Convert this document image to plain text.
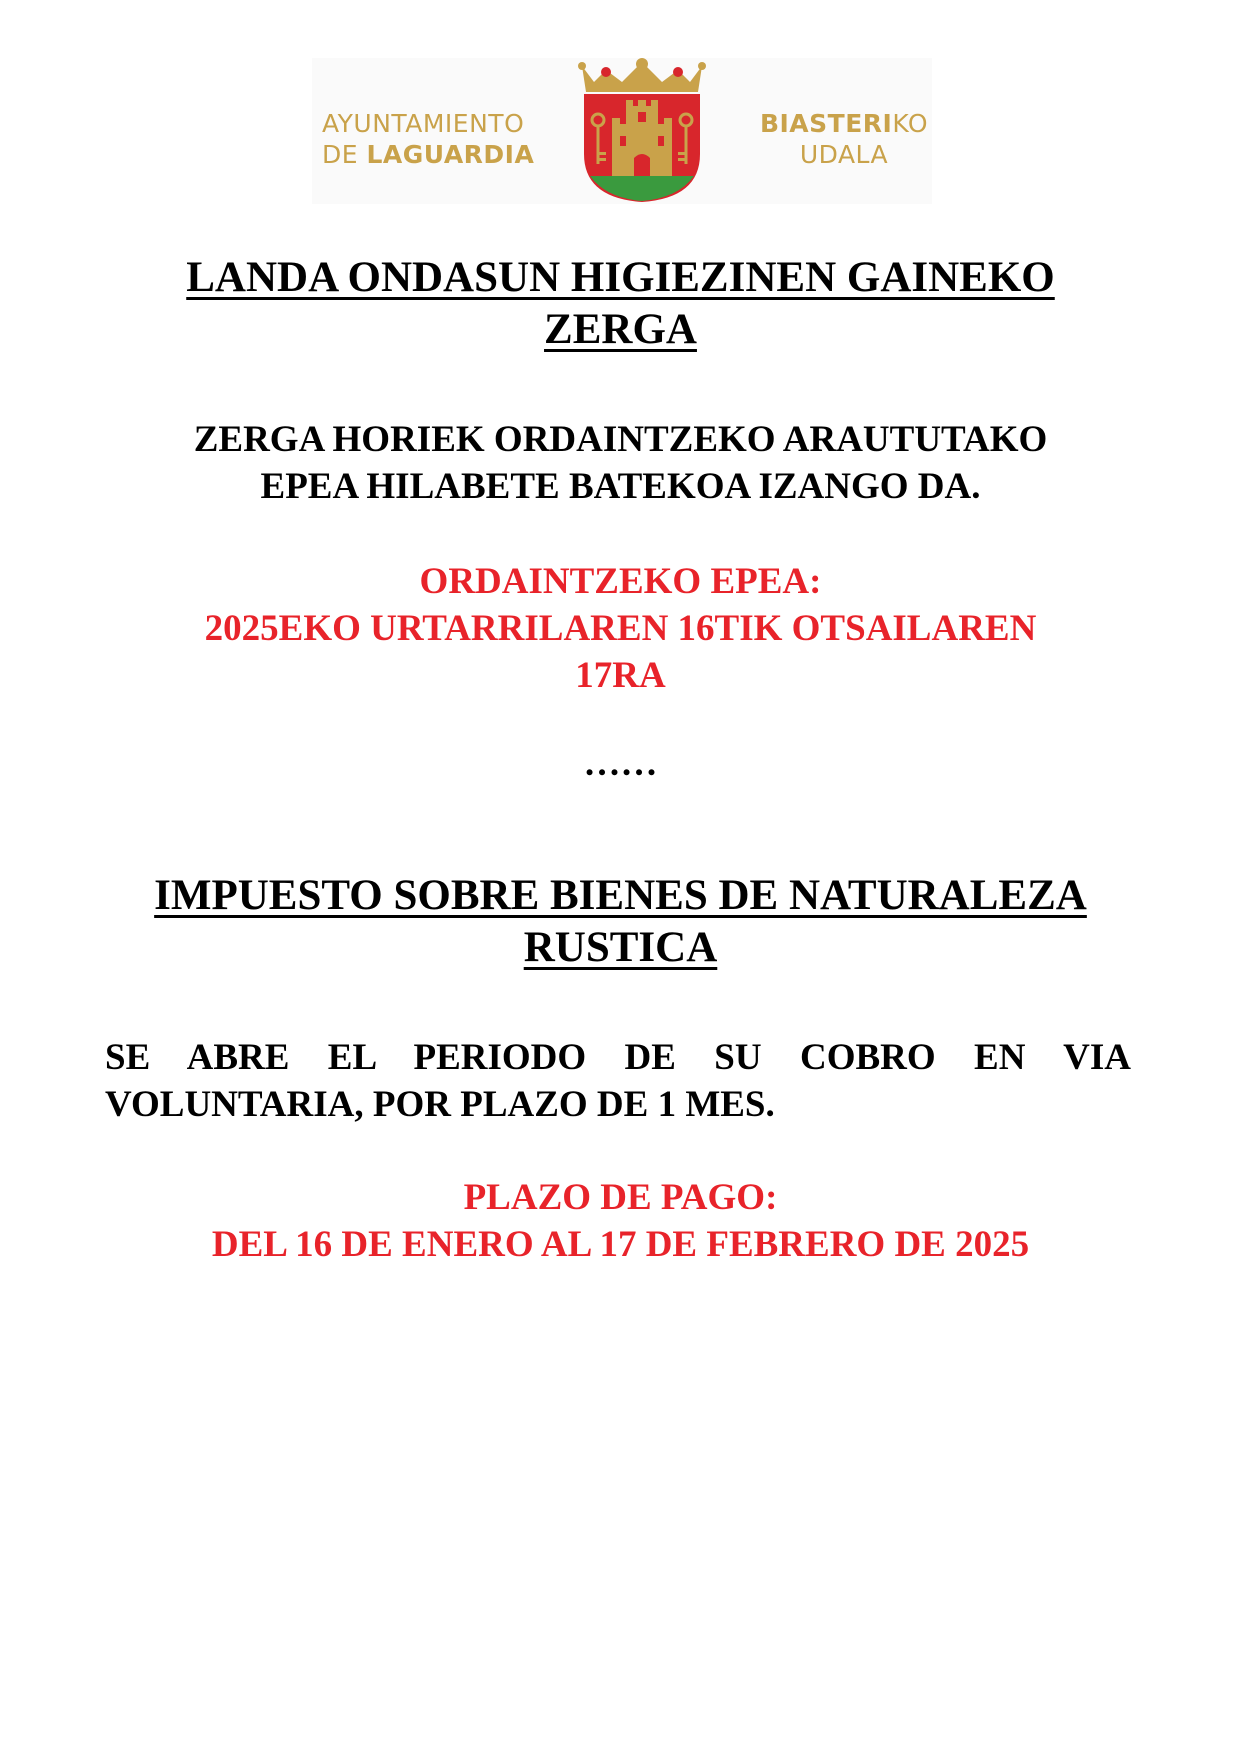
AYUNTAMIENTO
DE LAGUARDIA
BIASTERIKO
UDALA
LANDA ONDASUN HIGIEZINEN GAINEKO
ZERGA
ZERGA HORIEK ORDAINTZEKO ARAUTUTAKO
EPEA HILABETE BATEKOA IZANGO DA.
ORDAINTZEKO EPEA:
2025EKO URTARRILAREN 16TIK OTSAILAREN
17RA
……
IMPUESTO SOBRE BIENES DE NATURALEZA
RUSTICA
SE ABRE EL PERIODO DE SU COBRO EN VIA
VOLUNTARIA, POR PLAZO DE 1 MES.
PLAZO DE PAGO:
DEL 16 DE ENERO AL 17 DE FEBRERO DE 2025
